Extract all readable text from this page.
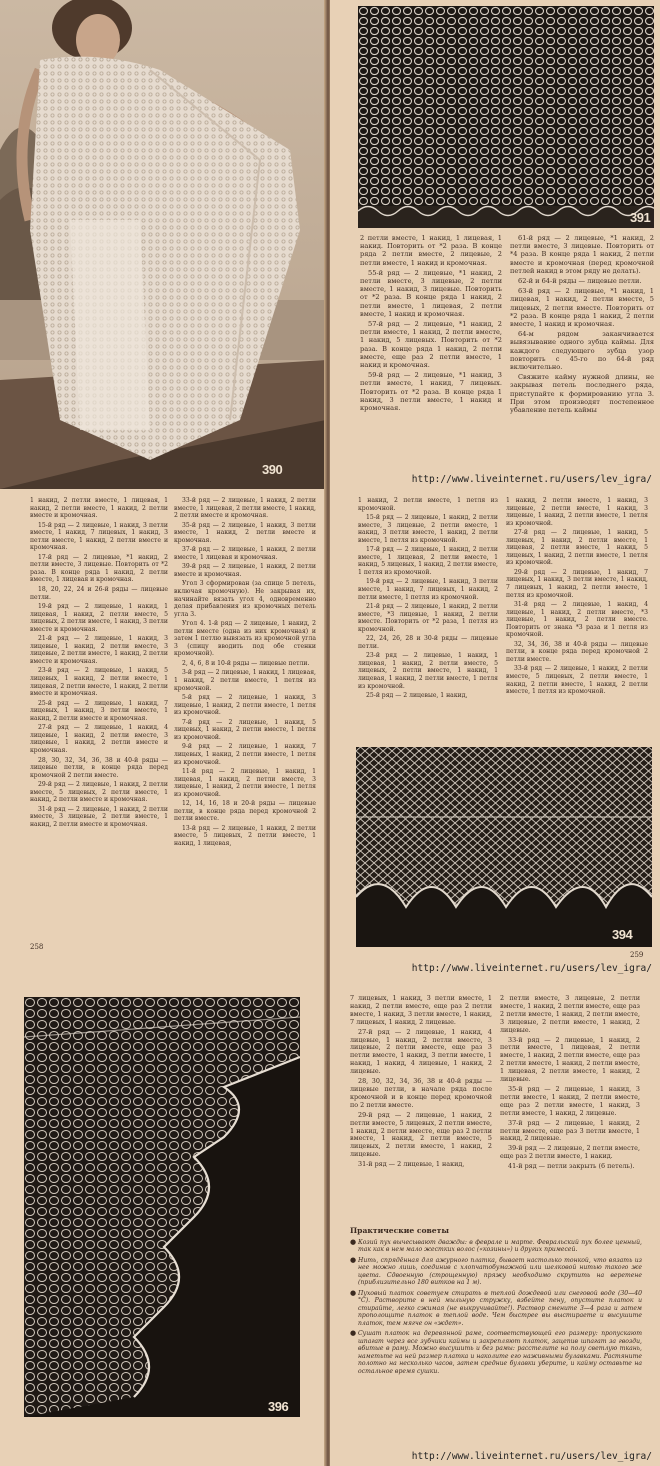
390
391

2 петли вместе, 1 накид, 1 лицевая, 1 накид. Повторить от *2 раза. В конце ряда 2 петли вместе, 2 лицевые, 2 петли вместе, 1 накид и кромочная.

55-й ряд — 2 лицевые, *1 накид, 2 петли вместе, 3 лицевые, 2 петли вместе, 1 накид, 3 лицевые. Повторить от *2 раза. В конце ряда 1 накид, 2 петли вместе, 1 лицевая, 2 петли вместе, 1 накид и кромочная.

57-й ряд — 2 лицевые, *1 накид, 2 петли вместе, 1 накид, 2 петли вместе, 1 накид, 5 лицевых. Повторить от *2 раза. В конце ряда 1 накид, 2 петли вместе, еще раз 2 петли вместе, 1 накид и кромочная.

59-й ряд — 2 лицевые, *1 накид, 3 петли вместе, 1 накид, 7 лицевых. Повторить от *2 раза. В конце ряда 1 накид, 3 петли вместе, 1 накид и кромочная.

61-й ряд — 2 лицевые, *1 накид, 2 петли вместе, 3 лицевые. Повторить от *4 раза. В конце ряда 1 накид, 2 петли вместе и кромочная (перед кромочной петлей накид в этом ряду не делать).

62-й и 64-й ряды — лицевые петли.

63-й ряд — 2 лицевые, *1 накид, 1 лицевая, 1 накид, 2 петли вместе, 5 лицевых, 2 петли вместе. Повторить от *2 раза. В конце ряда 1 накид, 2 петли вместе, 1 накид и кромочная.

64-м рядом заканчивается вывязывание одного зубца каймы. Для каждого следующего зубца узор повторить с 45-го по 64-й ряд включительно.

Свяжите кайму нужной длины, не закрывая петель последнего ряда, приступайте к формированию угла 3. При этом производят постепенное убавление петель каймы

http://www.liveinternet.ru/users/lev_igra/

1 накид, 2 петли вместе, 1 лицевая, 1 накид, 2 петли вместе, 1 накид, 2 петли вместе и кромочная.

15-й ряд — 2 лицевые, 1 накид, 3 петли вместе, 1 накид, 7 лицевых, 1 накид, 3 петли вместе, 1 накид, 2 петли вместе и кромочная.

17-й ряд — 2 лицевые, *1 накид, 2 петли вместе, 3 лицевые. Повторить от *2 раза. В конце ряда 1 накид, 2 петли вместе, 1 лицевая и кромочная.

18, 20, 22, 24 и 26-й ряды — лицевые петли.

19-й ряд — 2 лицевые, 1 накид, 1 лицевая, 1 накид, 2 петли вместе, 5 лицевых, 2 петли вместе, 1 накид, 3 петли вместе и кромочная.

21-й ряд — 2 лицевые, 1 накид, 3 лицевые, 1 накид, 2 петли вместе, 3 лицевые, 2 петли вместе, 1 накид, 2 петли вместе и кромочная.

23-й ряд — 2 лицевые, 1 накид, 5 лицевых, 1 накид, 2 петли вместе, 1 лицевая, 2 петли вместе, 1 накид, 2 петли вместе и кромочная.

25-й ряд — 2 лицевые, 1 накид, 7 лицевых, 1 накид, 3 петли вместе, 1 накид, 2 петли вместе и кромочная.

27-й ряд — 2 лицевые, 1 накид, 4 лицевые, 1 накид, 2 петли вместе, 3 лицевые, 1 накид, 2 петли вместе и кромочная.

28, 30, 32, 34, 36, 38 и 40-й ряды — лицевые петли, в конце ряда перед кромочной 2 петли вместе.

29-й ряд — 2 лицевые, 1 накид, 2 петли вместе, 5 лицевых, 2 петли вместе, 1 накид, 2 петли вместе и кромочная.

31-й ряд — 2 лицевые, 1 накид, 2 петли вместе, 3 лицевые, 2 петли вместе, 1 накид, 2 петли вместе и кромочная.

33-й ряд — 2 лицевые, 1 накид, 2 петли вместе, 1 лицевая, 2 петли вместе, 1 накид, 2 петли вместе и кромочная.

35-й ряд — 2 лицевые, 1 накид, 3 петли вместе, 1 накид, 2 петли вместе и кромочная.

37-й ряд — 2 лицевые, 1 накид, 2 петли вместе, 1 лицевая и кромочная.

39-й ряд — 2 лицевые, 1 накид, 2 петли вместе и кромочная.

Угол 3 сформирован (за спице 5 петель, включая кромочную). Не закрывая их, начинайте вязать угол 4, одновременно делая прибавления из кромочных петель угла 3.

Угол 4. 1-й ряд — 2 лицевые, 1 накид, 2 петли вместе (одна из них кромочная) и затем 1 петлю вывязать из кромочной угла 3 (спицу вводить под обе стенки кромочной).

2, 4, 6, 8 и 10-й ряды — лицевые петли.

3-й ряд — 2 лицевые, 1 накид, 1 лицевая, 1 накид, 2 петли вместе, 1 петля из кромочной.

5-й ряд — 2 лицевые, 1 накид, 3 лицевые, 1 накид, 2 петли вместе, 1 петля из кромочной.

7-й ряд — 2 лицевые, 1 накид, 5 лицевых, 1 накид, 2 петли вместе, 1 петля из кромочной.

9-й ряд — 2 лицевые, 1 накид, 7 лицевых, 1 накид, 2 петли вместе, 1 петля из кромочной.

11-й ряд — 2 лицевые, 1 накид, 1 лицевая, 1 накид, 2 петли вместе, 3 лицевые, 1 накид, 2 петли вместе, 1 петля из кромочной.

12, 14, 16, 18 и 20-й ряды — лицевые петли, в конце ряда перед кромочной 2 петли вместе.

13-й ряд — 2 лицевые, 1 накид, 2 петли вместе, 5 лицевых, 2 петли вместе, 1 накид, 1 лицевая,

258

1 накид, 2 петли вместе, 1 петля из кромочной.

15-й ряд — 2 лицевые, 1 накид, 2 петли вместе, 3 лицевые, 2 петли вместе, 1 накид, 3 петли вместе, 1 накид, 2 петли вместе, 1 петля из кромочной.

17-й ряд — 2 лицевые, 1 накид, 2 петли вместе, 1 лицевая, 2 петли вместе, 1 накид, 5 лицевых, 1 накид, 2 петли вместе, 1 петля из кромочной.

19-й ряд — 2 лицевые, 1 накид, 3 петли вместе, 1 накид, 7 лицевых, 1 накид, 2 петли вместе, 1 петля из кромочной.

21-й ряд — 2 лицевые, 1 накид, 2 петли вместе, *3 лицевые, 1 накид, 2 петли вместе. Повторить от *2 раза, 1 петля из кромочной.

22, 24, 26, 28 и 30-й ряды — лицевые петли.

23-й ряд — 2 лицевые, 1 накид, 1 лицевая, 1 накид, 2 петли вместе, 5 лицевых, 2 петли вместе, 1 накид, 1 лицевая, 1 накид, 2 петли вместе, 1 петля из кромочной.

25-й ряд — 2 лицевые, 1 накид,

1 накид, 2 петли вместе, 1 накид, 3 лицевые, 2 петли вместе, 1 накид, 3 лицевые, 1 накид, 2 петли вместе, 1 петля из кромочной.

27-й ряд — 2 лицевые, 1 накид, 5 лицевых, 1 накид, 2 петли вместе, 1 лицевая, 2 петли вместе, 1 накид, 5 лицевых, 1 накид, 2 петли вместе, 1 петля из кромочной.

29-й ряд — 2 лицевые, 1 накид, 7 лицевых, 1 накид, 3 петли вместе, 1 накид, 7 лицевых, 1 накид, 2 петли вместе, 1 петля из кромочной.

31-й ряд — 2 лицевые, 1 накид, 4 лицевые, 1 накид, 2 петли вместе, *3 лицевые, 1 накид, 2 петли вместе. Повторить от знака *3 раза и 1 петля из кромочной.

32, 34, 36, 38 и 40-й ряды — лицевые петли, в конце ряда перед кромочной 2 петли вместе.

33-й ряд — 2 лицевые, 1 накид, 2 петли вместе, 5 лицевых, 2 петли вместе, 1 накид, 2 петли вместе, 1 накид, 2 петли вместе, 1 петля из кромочной.

394
259
http://www.liveinternet.ru/users/lev_igra/
396

7 лицевых, 1 накид, 3 петли вместе, 1 накид, 2 петли вместе, еще раз 2 петли вместе, 1 накид, 3 петли вместе, 1 накид, 7 лицевых, 1 накид, 2 лицевые.

27-й ряд — 2 лицевые, 1 накид, 4 лицевые, 1 накид, 2 петли вместе, 3 лицевые, 2 петли вместе, еще раз 3 петли вместе, 1 накид, 3 петли вместе, 1 накид, 1 накид, 4 лицевые, 1 накид, 2 лицевые.

28, 30, 32, 34, 36, 38 и 40-й ряды — лицевые петли, в начале ряда после кромочной и в конце перед кромочной по 2 петли вместе.

29-й ряд — 2 лицевые, 1 накид, 2 петли вместе, 5 лицевых, 2 петли вместе, 1 накид, 2 петли вместе, еще раз 2 петли вместе, 1 накид, 2 петли вместе, 5 лицевых, 2 петли вместе, 1 накид, 2 лицевые.

31-й ряд — 2 лицевые, 1 накид,

2 петли вместе, 3 лицевые, 2 петли вместе, 1 накид, 2 петли вместе, еще раз 2 петли вместе, 1 накид, 2 петли вместе, 3 лицевые, 2 петли вместе, 1 накид, 2 лицевые.

33-й ряд — 2 лицевые, 1 накид, 2 петли вместе, 1 лицевая, 2 петли вместе, 1 накид, 2 петли вместе, еще раз 2 петли вместе, 1 накид, 2 петли вместе, 1 лицевая, 2 петли вместе, 1 накид, 2 лицевые.

35-й ряд — 2 лицевые, 1 накид, 3 петли вместе, 1 накид, 2 петли вместе, еще раз 2 петли вместе, 1 накид, 3 петли вместе, 1 накид, 2 лицевые.

37-й ряд — 2 лицевые, 1 накид, 2 петли вместе, еще раз 3 петли вместе, 1 накид, 2 лицевые.

39-й ряд — 2 лицевые, 2 петли вместе, еще раз 2 петли вместе, 1 накид.

41-й ряд — петли закрыть (6 петель).

Практические советы
● Козий пух вычесывают дважды: в феврале и марте. Февральский пух более ценный, так как в нем мало жестких волос («козины») и других примесей.
● Нить, спрядённая для ажурного платка, бывает настолько тонкой, что вязать из нее можно лишь, соединив с хлопчатобумажной или шелковой нитью такого же цвета. Сдвоенную (строщенную) пряжу необходимо скрутить на веретене (приблизительно 180 витков на 1 м).
● Пуховый платок советуем стирать в теплой дождевой или снеговой воде (30—40 °C). Растворите в ней мыльную стружку, взбейте пену, опустите платок и стирайте, легко сжимая (не выкручивайте!). Раствор смените 3—4 раза и затем прополощите платок в теплой воде. Чем быстрее вы выстираете и высушите платок, тем мягче он «ждет».
● Сушат платок на деревянной раме, соответствующей его размеру: пропускают шпагат через все зубчики каймы и закрепляют платок, зацепив шпагат за гвозди, вбитые в раму. Можно высушить и без рамы: расстелите на полу светлую ткань, наметьте на ней размер платка и наколите его наживными булавками. Растяните полотно на несколько часов, затем средние булавки уберите, и кайму оставьте на остальное время сушки.
http://www.liveinternet.ru/users/lev_igra/
